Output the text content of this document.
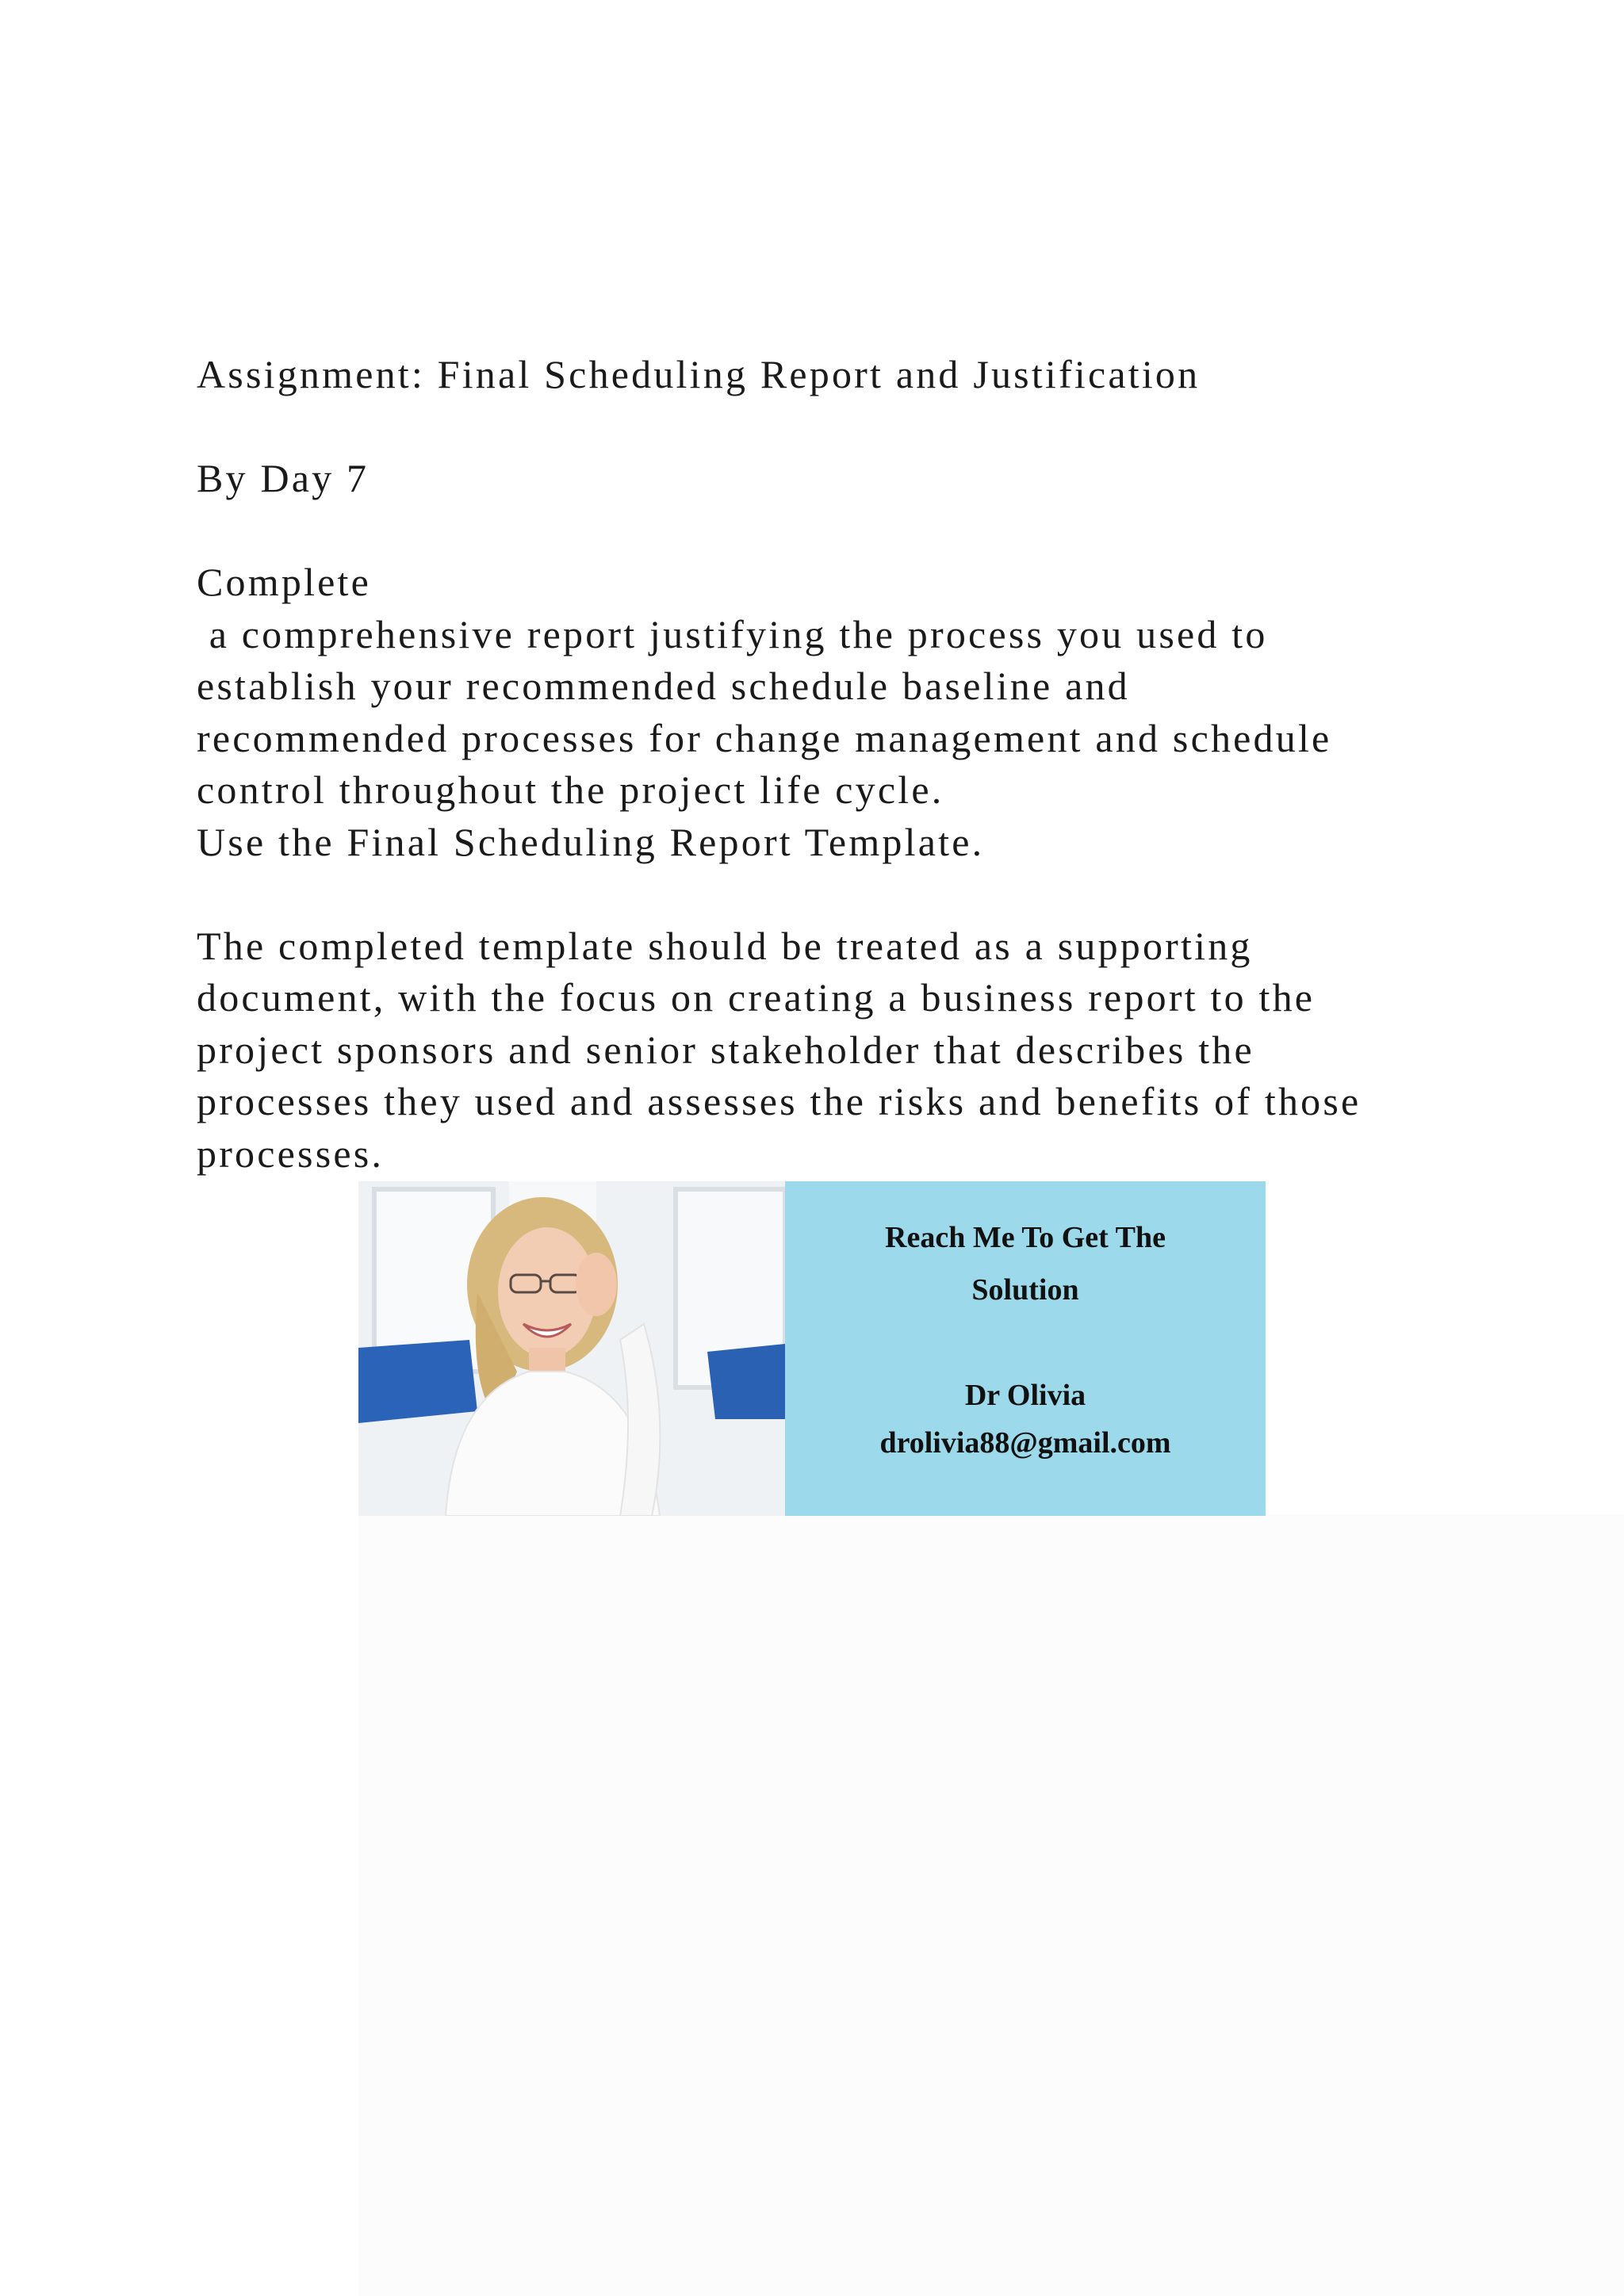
Assignment: Final Scheduling Report and Justification
By Day 7
Complete
a comprehensive report justifying the process you used to
establish your recommended schedule baseline and
recommended processes for change management and schedule
control throughout the project life cycle.
Use the Final Scheduling Report Template.
The completed template should be treated as a supporting
document, with the focus on creating a business report to the
project sponsors and senior stakeholder that describes the
processes they used and assesses the risks and benefits of those
processes.
Reach Me To Get The
Solution
Dr Olivia
drolivia88@gmail.com
